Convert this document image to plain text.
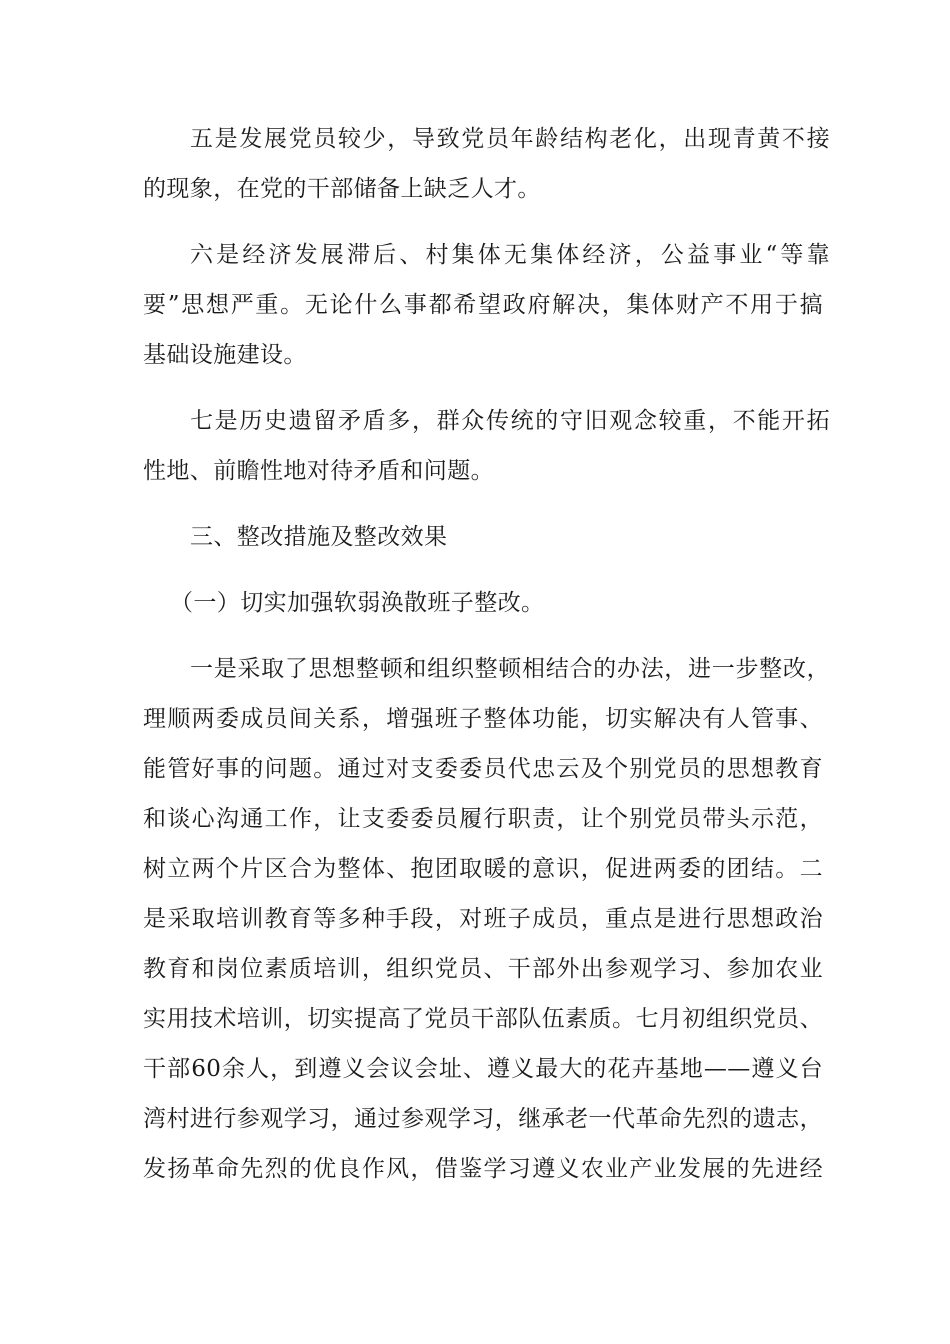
五是发展党员较少，导致党员年龄结构老化，出现青黄不接
的现象，在党的干部储备上缺乏人才。
六是经济发展滞后、村集体无集体经济，公益事业“等靠
要”思想严重。无论什么事都希望政府解决，集体财产不用于搞
基础设施建设。
七是历史遗留矛盾多，群众传统的守旧观念较重，不能开拓
性地、前瞻性地对待矛盾和问题。
三、整改措施及整改效果
（一）切实加强软弱涣散班子整改。
一是采取了思想整顿和组织整顿相结合的办法，进一步整改，
理顺两委成员间关系，增强班子整体功能，切实解决有人管事、
能管好事的问题。通过对支委委员代忠云及个别党员的思想教育
和谈心沟通工作，让支委委员履行职责，让个别党员带头示范，
树立两个片区合为整体、抱团取暖的意识，促进两委的团结。二
是采取培训教育等多种手段，对班子成员，重点是进行思想政治
教育和岗位素质培训，组织党员、干部外出参观学习、参加农业
实用技术培训，切实提高了党员干部队伍素质。七月初组织党员、
干部60余人，到遵义会议会址、遵义最大的花卉基地——遵义台
湾村进行参观学习，通过参观学习，继承老一代革命先烈的遗志，
发扬革命先烈的优良作风，借鉴学习遵义农业产业发展的先进经
